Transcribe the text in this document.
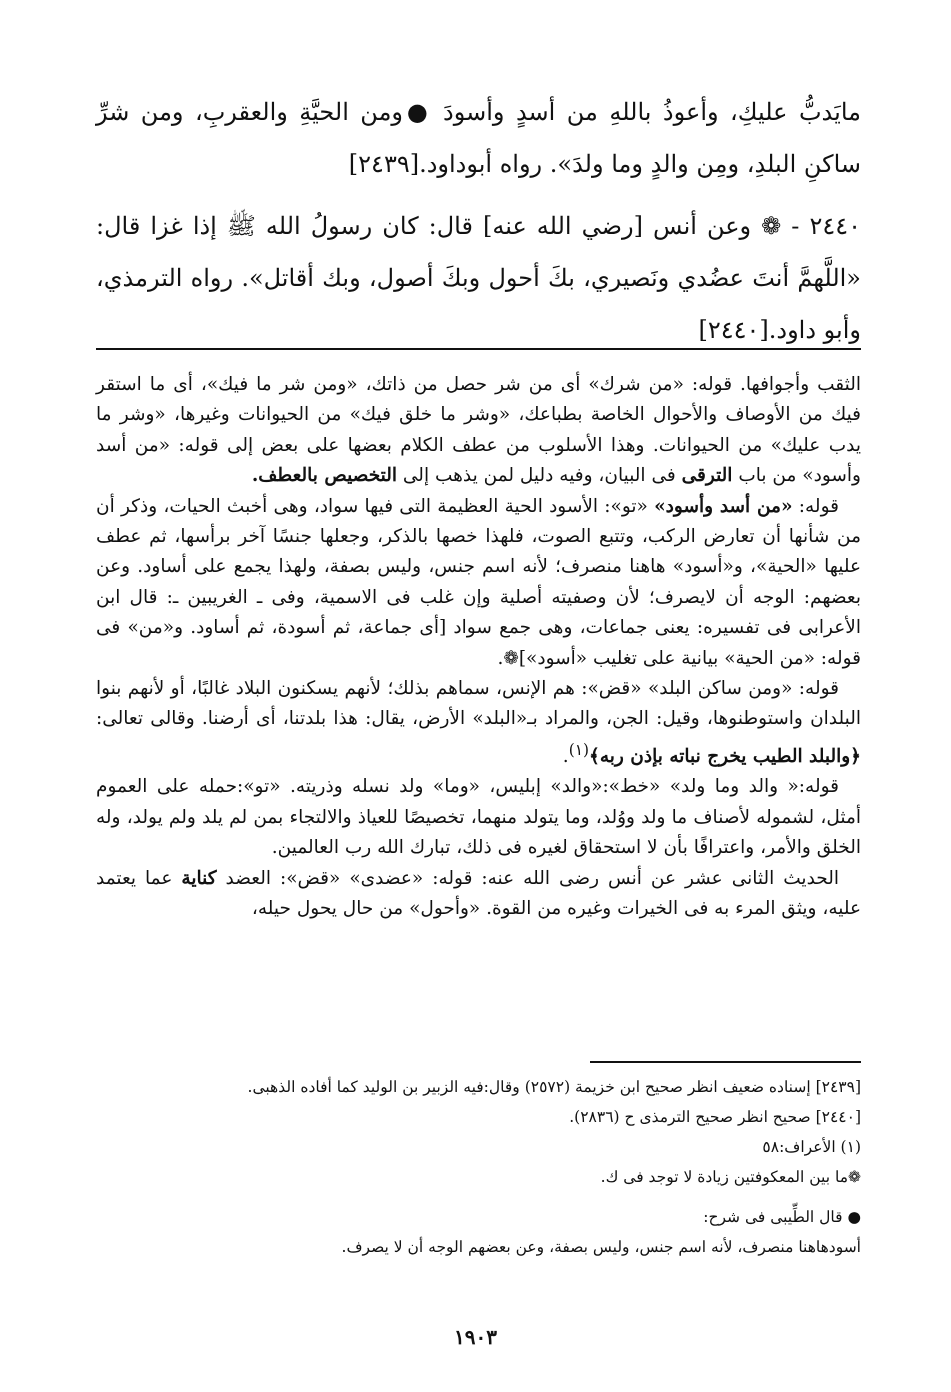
مايَدبُّ عليكِ، وأعوذُ باللهِ من أسدٍ وأسودَ ●ومن الحيَّةِ والعقربِ، ومن شرِّ ساكنِ البلدِ، ومِن والدٍ وما ولدَ». رواه أبوداود.[٢٤٣٩]
٢٤٤٠ - ❁ وعن أنس [رضي الله عنه] قال: كان رسولُ الله ﷺ إذا غزا قال: «اللَّهمَّ أنتَ عضُدي ونَصيري، بكَ أحول وبكَ أصول، وبك أقاتل». رواه الترمذي، وأبو داود.[٢٤٤٠]

الثقب وأجوافها. قوله: «من شرك» أى من شر حصل من ذاتك، «ومن شر ما فيك»، أى ما استقر فيك من الأوصاف والأحوال الخاصة بطباعك، «وشر ما خلق فيك» من الحيوانات وغيرها، «وشر ما يدب عليك» من الحيوانات. وهذا الأسلوب من عطف الكلام بعضها على بعض إلى قوله: «من أسد وأسود» من باب الترقى فى البيان، وفيه دليل لمن يذهب إلى التخصيص بالعطف.

قوله: «من أسد وأسود» «تو»: الأسود الحية العظيمة التى فيها سواد، وهى أخبث الحيات، وذكر أن من شأنها أن تعارض الركب، وتتبع الصوت، فلهذا خصها بالذكر، وجعلها جنسًا آخر برأسها، ثم عطف عليها «الحية»، و«أسود» هاهنا منصرف؛ لأنه اسم جنس، وليس بصفة، ولهذا يجمع على أساود. وعن بعضهم: الوجه أن لايصرف؛ لأن وصفيته أصلية وإن غلب فى الاسمية، وفى ـ الغريبين ـ: قال ابن الأعرابى فى تفسيره: يعنى جماعات، وهى جمع سواد [أى جماعة، ثم أسودة، ثم أساود. و«من» فى قوله: «من الحية» بيانية على تغليب «أسود»]❁.

قوله: «ومن ساكن البلد» «قض»: هم الإنس، سماهم بذلك؛ لأنهم يسكنون البلاد غالبًا، أو لأنهم بنوا البلدان واستوطنوها، وقيل: الجن، والمراد بـ«البلد» الأرض، يقال: هذا بلدتنا، أى أرضنا. وقالى تعالى: ﴿والبلد الطيب يخرج نباته بإذن ربه﴾$^{(١)}$.

قوله:« والد وما ولد» «خط»:«والد» إبليس، «وما» ولد نسله وذريته. «تو»:حمله على العموم أمثل، لشموله لأصناف ما ولد ووُلد، وما يتولد منهما، تخصيصًا للعياذ والالتجاء بمن لم يلد ولم يولد، وله الخلق والأمر، واعترافًا بأن لا استحقاق لغيره فى ذلك، تبارك الله رب العالمين.

الحديث الثانى عشر عن أنس رضى الله عنه: قوله: «عضدى» «قض»: العضد كناية عما يعتمد عليه، ويثق المرء به فى الخيرات وغيره من القوة. «وأحول» من حال يحول حيله،

[٢٤٣٩] إسناده ضعيف انظر صحيح ابن خزيمة (٢٥٧٢) وقال:فيه الزبير بن الوليد كما أفاده الذهبى.

[٢٤٤٠] صحيح انظر صحيح الترمذى ح (٢٨٣٦).

(١) الأعراف:٥٨

❁ما بين المعكوفتين زيادة لا توجد فى ك.

● قال الطِّيبى فى شرح:

أسودهاهنا منصرف، لأنه اسم جنس، وليس بصفة، وعن بعضهم الوجه أن لا يصرف.

١٩٠٣
